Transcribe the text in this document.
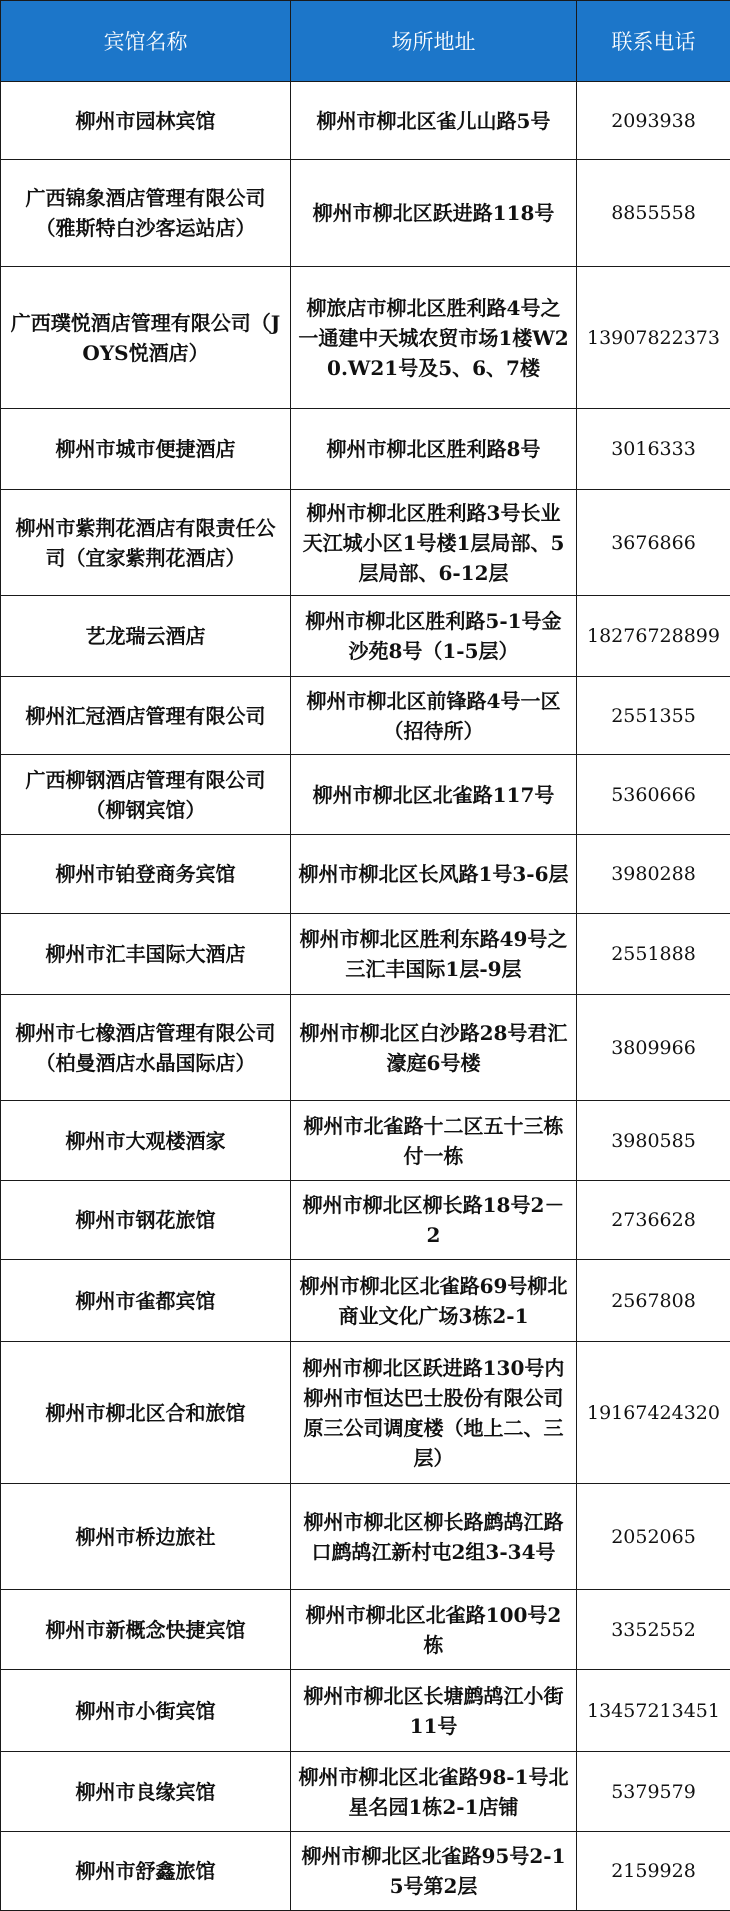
宾馆名称	场所地址	联系电话
柳州市园林宾馆	柳州市柳北区雀儿山路5号	2093938
广西锦象酒店管理有限公司（雅斯特白沙客运站店）	柳州市柳北区跃进路118号	8855558
广西璞悦酒店管理有限公司（JOYS悦酒店）	柳旅店市柳北区胜利路4号之一通建中天城农贸市场1楼W20.W21号及5、6、7楼	13907822373
柳州市城市便捷酒店	柳州市柳北区胜利路8号	3016333
柳州市紫荆花酒店有限责任公司（宜家紫荆花酒店）	柳州市柳北区胜利路3号长业天江城小区1号楼1层局部、5层局部、6-12层	3676866
艺龙瑞云酒店	柳州市柳北区胜利路5-1号金沙苑8号（1-5层）	18276728899
柳州汇冠酒店管理有限公司	柳州市柳北区前锋路4号一区（招待所）	2551355
广西柳钢酒店管理有限公司（柳钢宾馆）	柳州市柳北区北雀路117号	5360666
柳州市铂登商务宾馆	柳州市柳北区长风路1号3-6层	3980288
柳州市汇丰国际大酒店	柳州市柳北区胜利东路49号之三汇丰国际1层-9层	2551888
柳州市七橡酒店管理有限公司（柏曼酒店水晶国际店）	柳州市柳北区白沙路28号君汇濠庭6号楼	3809966
柳州市大观楼酒家	柳州市北雀路十二区五十三栋付一栋	3980585
柳州市钢花旅馆	柳州市柳北区柳长路18号2－2	2736628
柳州市雀都宾馆	柳州市柳北区北雀路69号柳北商业文化广场3栋2-1	2567808
柳州市柳北区合和旅馆	柳州市柳北区跃进路130号内柳州市恒达巴士股份有限公司原三公司调度楼（地上二、三层）	19167424320
柳州市桥边旅社	柳州市柳北区柳长路鹧鸪江路口鹧鸪江新村屯2组3-34号	2052065
柳州市新概念快捷宾馆	柳州市柳北区北雀路100号2栋	3352552
柳州市小街宾馆	柳州市柳北区长塘鹧鸪江小街11号	13457213451
柳州市良缘宾馆	柳州市柳北区北雀路98-1号北星名园1栋2-1店铺	5379579
柳州市舒鑫旅馆	柳州市柳北区北雀路95号2-15号第2层	2159928
